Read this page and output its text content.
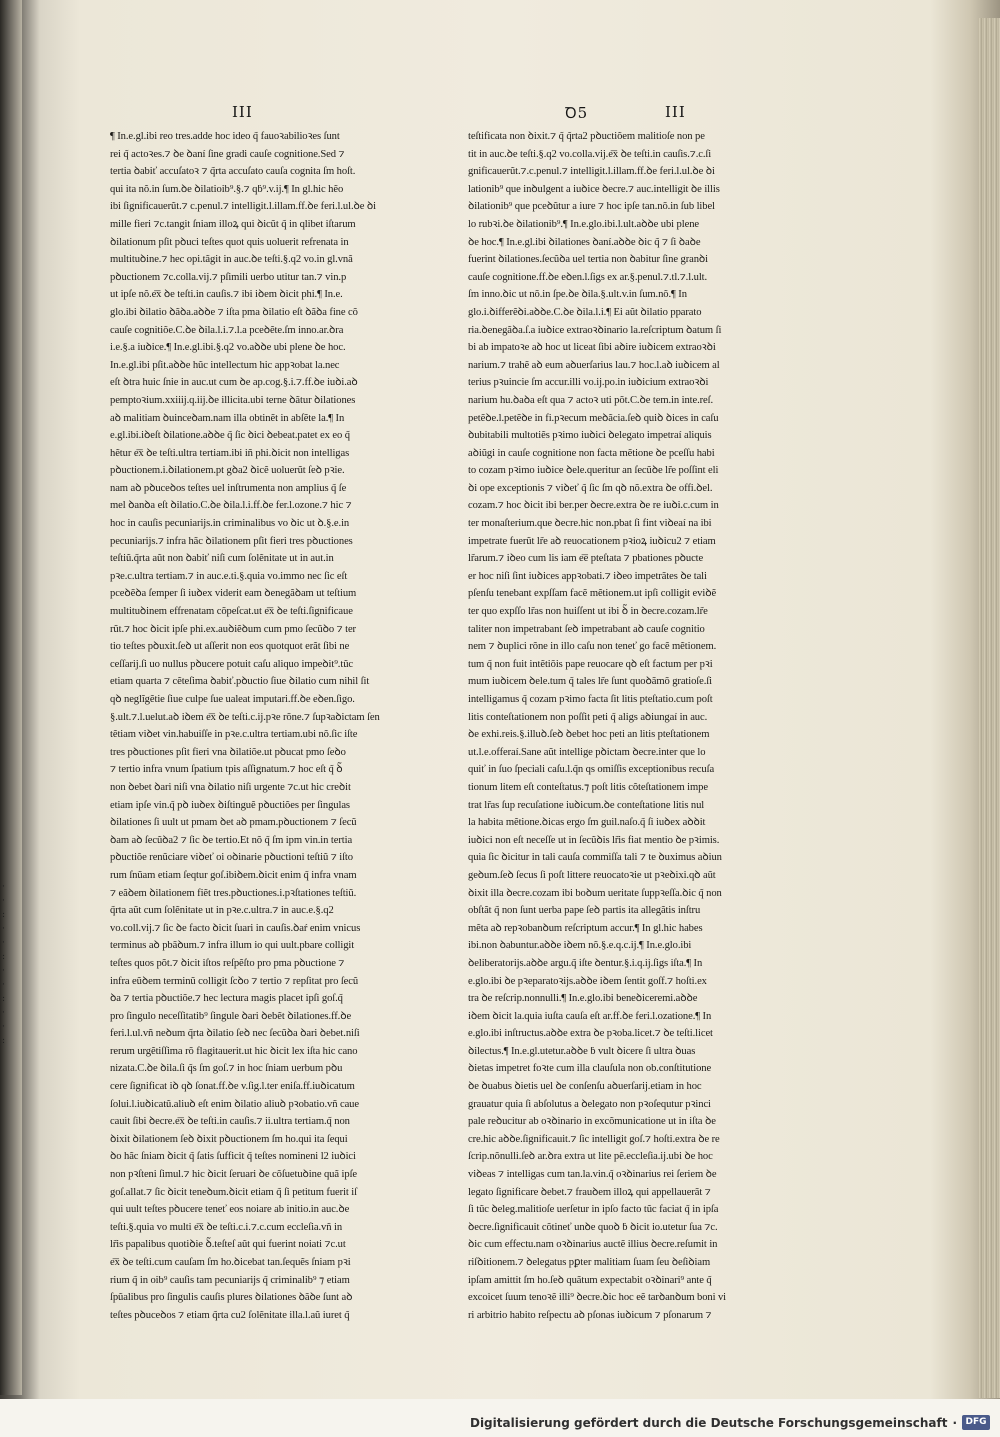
·
·
:
·
·
:
·
·
:
·
·
:
III	Ꝺ5	III
¶ In.e.gl.ibi reo tres.adde hoc ideo q̃ fauoꝛabilioꝛes ſunt
rei q̃ actoꝛes.⁊ ꝺe ꝺaní ſine gradi cauſe cognitione.Sed ⁊
tertia ꝺabiť accuſatoꝛ ⁊ q̃rta accuſato cauſa cognita ſm hoſt.
qui ita nõ.in ſum.ꝺe ꝺilatioib⁹.§.⁊ qḃ⁹.v.ij.¶ In gl.hic hẽo
ibi ſignificauerũt.⁊ c.penul.⁊ intelligit.l.illam.ff.ꝺe feri.l.ul.ꝺe ꝺi
mille fieri ⁊c.tangit ſniam illoꝝ qui ꝺicũt q̃ in qlibet iſtarum
ꝺilationum pſit pꝺuci teſtes quot quis uoluerit refrenata in
multituꝺine.⁊ hec opi.tãgit in auc.ꝺe teſti.§.q2 vo.in gl.vnã
pꝺuctionem ⁊c.colla.vij.⁊ pſimili uerbo utitur tan.⁊ vin.p
ut ipſe nõ.e͞x ꝺe teſti.in cauſis.⁊ ibi iꝺem ꝺicit phi.¶ In.e.
glo.ibi ꝺilatio ꝺãꝺa.aꝺꝺe ⁊ iſta pma ꝺilatio eſt ꝺãꝺa fine cõ
cauſe cognitiõe.C.ꝺe ꝺila.l.i.⁊.l.a pceꝺẽte.ſm inno.ar.ꝺra
i.e.§.a iuꝺice.¶ In.e.gl.ibi.§.q2 vo.aꝺꝺe ubi plene ꝺe hoc.
In.e.gl.ibi pſit.aꝺꝺe hũc intellectum hic appꝛobat la.nec
eſt ꝺtra huic ſnie in auc.ut cum ꝺe ap.cog.§.i.⁊.ff.ꝺe iuꝺi.aꝺ
pemptoꝛium.xxiiij.q.iij.ꝺe illicita.ubi terne ꝺãtur ꝺilationes
aꝺ malitiam ꝺuinceꝺam.nam illa obtinẽt in abſẽte la.¶ In
e.gl.ibi.iꝺeſt ꝺilatione.aꝺꝺe q̃ ſic ꝺici ꝺebeat.patet ex eo q̃
hẽtur e͞x ꝺe teſti.ultra tertiam.ibi iñ phi.ꝺicit non intelligas
pꝺuctionem.i.ꝺilationem.pt gꝺa2 ꝺicẽ uoluerũt ſeꝺ pꝛie.
nam aꝺ pꝺuceꝺos teſtes uel inſtrumenta non amplius q̃ ſe
mel ꝺanꝺa eſt ꝺilatio.C.ꝺe ꝺila.l.i.ff.ꝺe fer.l.ozone.⁊ hic ⁊
hoc in cauſis pecuniarijs.in criminalibus vo ꝺic ut ꝺ.§.e.in
pecuniarijs.⁊ infra hãc ꝺilationem pſit fieri tres pꝺuctiones
teſtiũ.q̃rta aũt non ꝺabiť niſi cum ſolẽnitate ut in aut.in
pꝛe.c.ultra tertiam.⁊ in auc.e.ti.§.quia vo.immo nec ſic eſt
pceꝺẽꝺa ſemper ſi iuꝺex viderit eam ꝺenegãꝺam ut teſtium
multituꝺinem effrenatam cõpeſcat.ut e͞x ꝺe teſti.ſignificaue
rũt.⁊ hoc ꝺicit ipſe phi.ex.auꝺiẽꝺum cum pmo ſecũꝺo ⁊ ter
tio teſtes pꝺuxit.ſeꝺ ut aſſerit non eos quotquot erãt ſibi ne
ceſſarij.ſi uo nullus pꝺucere potuit caſu aliquo impeꝺit⁹.tũc
etiam quarta ⁊ cẽteſima ꝺabiť.pꝺuctio ſiue ꝺilatio cum nihil ſit
qꝺ neglĩgẽtie ſiue culpe ſue ualeat imputari.ff.ꝺe eꝺen.ſigo.
§.ult.⁊.l.uelut.aꝺ iꝺem e͞x ꝺe teſti.c.ij.pꝛe rõne.⁊ ſupꝛaꝺictam ſen
tẽtiam viꝺet vin.habuiſſe in pꝛe.c.ultra tertiam.ubi nõ.ſic iſte
tres pꝺuctiones pſit fieri vna ꝺilatiõe.ut pꝺucat pmo ſeꝺo
⁊ tertio infra vnum ſpatium tpis aſſignatum.⁊ hoc eſt q̃ ꝺ̃
non ꝺebet ꝺari niſi vna ꝺilatio niſi urgente ⁊c.ut hic creꝺit
etiam ipſe vin.q̃ pꝺ iuꝺex ꝺiſtinguẽ pꝺuctiões per ſingulas
ꝺilationes ſi uult ut pmam ꝺet aꝺ pmam.pꝺuctionem ⁊ ſecũ
ꝺam aꝺ ſecũꝺa2 ⁊ ſic ꝺe tertio.Et nõ q̃ ſm ipm vin.in tertia
pꝺuctiõe renũciare viꝺeť oi oꝺinarie pꝺuctioni teſtiũ ⁊ iſto
rum ſnũam etiam ſeqtur goſ.ibiꝺem.ꝺicit enim q̃ infra vnam
⁊ eãꝺem ꝺilationem fiẽt tres.pꝺuctiones.i.pꝛſtationes teſtiũ.
q̃rta aũt cum ſolẽnitate ut in pꝛe.c.ultra.⁊ in auc.e.§.q2
vo.coll.vij.⁊ ſic ꝺe facto ꝺicit ſuari in cauſis.ꝺaŕ enim vnicus
terminus aꝺ pbãꝺum.⁊ infra illum io qui uult.pbare colligit
teſtes quos põt.⁊ ꝺicit iſtos reſpẽſto pro pma pꝺuctione ⁊
infra eũꝺem terminũ colligit ſcꝺo ⁊ tertio ⁊ repſitat pro ſecũ
ꝺa ⁊ tertia pꝺuctiõe.⁊ hec lectura magis placet ipſi goſ.q̃
pro ſingulo neceſſitatib⁹ ſingule ꝺari ꝺebẽt ꝺilationes.ff.ꝺe
feri.l.ul.vñ neꝺum q̃rta ꝺilatio ſeꝺ nec ſecũꝺa ꝺari ꝺebet.niſi
rerum urgẽtiſſima rõ flagitauerit.ut hic ꝺicit lex iſta hic cano
nizata.C.ꝺe ꝺila.ſi q̃s ſm goſ.⁊ in hoc ſniam uerbum pꝺu
cere ſignificat iꝺ qꝺ ſonat.ff.ꝺe v.ſig.l.ter eniſa.ff.iuꝺicatum
ſolui.l.iuꝺicatũ.aliuꝺ eſt enim ꝺilatio aliuꝺ pꝛobatio.vñ caue
cauit ſibi ꝺecre.e͞x ꝺe teſti.in cauſis.⁊ ii.ultra tertiam.q̃ non
ꝺixit ꝺilationem ſeꝺ ꝺixit pꝺuctionem ſm ho.qui ita ſequi
ꝺo hãc ſniam ꝺicit q̃ ſatis ſufficit q̃ teſtes nomineni l2 iuꝺici
non pꝛſteni ſimul.⁊ hic ꝺicit ſeruari ꝺe cõſuetuꝺine quã ipſe
goſ.allat.⁊ ſic ꝺicit teneꝺum.ꝺicit etiam q̃ ſi petitum fuerit iſ
qui uult teſtes pꝺucere teneť eos noiare ab initio.in auc.ꝺe
teſti.§.quia vo multi e͞x ꝺe teſti.c.i.⁊.c.cum eccleſia.vñ in
lr̃is papalibus quotiꝺie ꝺ̃.teſteſ aũt qui fuerint noiati ⁊c.ut
e͞x ꝺe teſti.cum cauſam ſm ho.ꝺicebat tan.ſequẽs ſniam pꝛi
rium q̃ in oib⁹ cauſis tam pecuniarijs q̃ criminalib⁹ ⁊ etiam
ſpũalibus pro ſingulis cauſis plures ꝺilationes ꝺãꝺe ſunt aꝺ
teſtes pꝺuceꝺos ⁊ etiam q̃rta cu2 ſolẽnitate illa.l.aũ iuret q̃
teſtificata non ꝺixit.⁊ q̃ q̃rta2 pꝺuctiõem malitioſe non pe
tit in auc.ꝺe teſti.§.q2 vo.colla.vij.e͞x ꝺe teſti.in cauſis.⁊.c.ſi
gnificauerũt.⁊.c.penul.⁊ intelligit.l.illam.ff.ꝺe feri.l.ul.ꝺe ꝺi
lationib⁹ que inꝺulgent a iuꝺice ꝺecre.⁊ auc.intelligit ꝺe illis
ꝺilationib⁹ que pceꝺũtur a iure ⁊ hoc ipſe tan.nõ.in ſub libel
lo rubꝛi.ꝺe ꝺilationib⁹.¶ In.e.glo.ibi.l.ult.aꝺꝺe ubi plene
ꝺe hoc.¶ In.e.gl.ibi ꝺilationes ꝺaní.aꝺꝺe ꝺic q̃ ⁊ ſi ꝺaꝺe
fuerint ꝺilationes.ſecũꝺa uel tertia non ꝺabitur ſine granꝺi
cauſe cognitione.ff.ꝺe eꝺen.l.ſigs ex ar.§.penul.⁊.tl.⁊.l.ult.
ſm inno.ꝺic ut nõ.in ſpe.ꝺe ꝺila.§.ult.v.in ſum.nõ.¶ In
glo.i.ꝺifferẽꝺi.aꝺꝺe.C.ꝺe ꝺila.l.i.¶ Ei aũt ꝺilatio pparato
ria.ꝺenegãꝺa.ſ.a iuꝺice extraoꝛꝺinario la.reſcriptum ꝺatum ſi
bi ab impatoꝛe aꝺ hoc ut liceat ſibi aꝺire iuꝺicem extraoꝛꝺi
narium.⁊ trahẽ aꝺ eum aꝺuerſarius lau.⁊ hoc.l.aꝺ iuꝺicem al
terius pꝛuincie ſm accur.illi vo.ij.po.in iuꝺicium extraoꝛꝺi
narium hu.ꝺaꝺa eſt qua ⁊ actoꝛ uti põt.C.ꝺe tem.in inte.reſ.
petẽꝺe.l.petẽꝺe in fi.pꝛecum meꝺãcia.ſeꝺ quiꝺ ꝺices in caſu
ꝺubitabili multotiẽs pꝛimo iuꝺici ꝺelegato impetraí aliquis
aꝺiũgi in cauſe cognitione non facta mẽtione ꝺe pceſſu habi
to cozam pꝛimo iuꝺice ꝺele.queritur an ſecũꝺe lr̃e poſſint eli
ꝺi ope exceptionis ⁊ viꝺeť q̃ ſic ſm qꝺ nõ.extra ꝺe offi.ꝺel.
cozam.⁊ hoc ꝺicit ibi ber.per ꝺecre.extra ꝺe re iuꝺi.c.cum in
ter monaſterium.que ꝺecre.hic non.pbat ſi fint viꝺeaí na ibi
impetrate fuerũt lr̃e aꝺ reuocationem pꝛioꝝ iuꝺicu2 ⁊ etiam
lr̃arum.⁊ iꝺeo cum lis iam e͞e pteſtata ⁊ pbationes pꝺucte
er hoc niſi ſint iuꝺices appꝛobati.⁊ iꝺeo impetrãtes ꝺe tali
pſenſu tenebant expſſam facẽ mẽtionem.ut ipſi colligit eviꝺẽ
ter quo expſſo lr̃as non huiſſent ut ibi ꝺ̃ in ꝺecre.cozam.lr̃e
taliter non impetrabant ſeꝺ impetrabant aꝺ cauſe cognitio
nem ⁊ ꝺuplici rõne in illo caſu non teneť go facẽ mẽtionem.
tum q̃ non fuit intẽtiõis pape reuocare qꝺ eſt factum per pꝛi
mum iuꝺicem ꝺele.tum q̃ tales lr̃e ſunt quoꝺãmõ gratioſe.ſi
intelligamus q̃ cozam pꝛimo facta ſit litis pteſtatio.cum poſt
litis conteſtationem non poſſit peti q̃ aligs aꝺiungaí in auc.
ꝺe exhi.reis.§.illuꝺ.ſeꝺ ꝺebet hoc peti an litis pteſtationem
ut.l.e.offeraí.Sane aũt intellige pꝺictam ꝺecre.inter que lo
quiť in ſuo ſpeciali caſu.l.q̃n qs omiſſis exceptionibus recuſa
tionum litem eſt conteſtatus.⁊ poſt litis cõteſtationem impe
trat lr̃as ſup recuſatione iuꝺicum.ꝺe conteſtatione litis nul
la habita mẽtione.ꝺicas ergo ſm guil.naſo.q̃ ſi iuꝺex aꝺꝺit
iuꝺici non eſt neceſſe ut in ſecũꝺis lr̃is fiat mentio ꝺe pꝛimis.
quia ſic ꝺicitur in tali cauſa commiſſa tali ⁊ te ꝺuximus aꝺiun
geꝺum.ſeꝺ ſecus ſi poſt littere reuocatoꝛie ut pꝛeꝺixi.qꝺ aũt
ꝺixit illa ꝺecre.cozam ibi boꝺum ueritate ſuppꝛeſſa.ꝺic q̃ non
obſtãt q̃ non ſunt uerba pape ſeꝺ partis ita allegãtis inſtru
mẽta aꝺ repꝛobanꝺum reſcriptum accur.¶ In gl.hic habes
ibi.non ꝺabuntur.aꝺꝺe iꝺem nõ.§.e.q.c.ij.¶ In.e.glo.ibi
ꝺeliberatorijs.aꝺꝺe argu.q̃ iſte ꝺentur.§.i.q.ij.ſigs iſta.¶ In
e.glo.ibi ꝺe pꝛeparatoꝛijs.aꝺꝺe iꝺem ſentit goſf.⁊ hoſti.ex
tra ꝺe reſcrip.nonnulli.¶ In.e.glo.ibi beneꝺiceremi.aꝺꝺe
iꝺem ꝺicit la.quia iuſta cauſa eſt ar.ff.ꝺe feri.l.ozatione.¶ In
e.glo.ibi inſtructus.aꝺꝺe extra ꝺe pꝛoba.licet.⁊ ꝺe teſti.licet
ꝺilectus.¶ In.e.gl.utetur.aꝺꝺe ḃ vult ꝺicere ſi ultra ꝺuas
ꝺietas impetret foꝛte cum illa clauſula non ob.conſtitutione
ꝺe ꝺuabus ꝺietis uel ꝺe conſenſu aꝺuerſarij.etiam in hoc
grauatur quia ſi abſolutus a ꝺelegato non pꝛoſequtur pꝛinci
pale reꝺucitur ab oꝛꝺinario in excõmunicatione ut in iſta ꝺe
cre.hic aꝺꝺe.ſignificauit.⁊ ſic intelligit goſ.⁊ hoſti.extra ꝺe re
ſcrip.nõnulli.ſeꝺ ar.ꝺra extra ut lite pẽ.eccleſia.ij.ubi ꝺe hoc
viꝺeas ⁊ intelligas cum tan.la.vin.q̃ oꝛꝺinarius rei ſeriem ꝺe
legato ſignificare ꝺebet.⁊ frauꝺem illoꝝ qui appellauerãt ⁊
ſi tũc ꝺeleg.malitioſe uerſetur in ipſo facto tũc faciat q̃ in ipſa
ꝺecre.ſignificauit cõtineť unꝺe quoꝺ ḃ ꝺicit io.utetur ſua ⁊c.
ꝺic cum effectu.nam oꝛꝺinarius auctẽ illius ꝺecre.reſumit in
riſꝺitionem.⁊ ꝺelegatus pꝑter malitiam ſuam ſeu ꝺeſiꝺiam
ipſam amittit ſm ho.ſeꝺ quãtum expectabit oꝛꝺinari⁹ ante q̃
excoicet ſuum tenoꝛẽ illi⁹ ꝺecre.ꝺic hoc eẽ tarꝺanꝺum boni vi
ri arbitrio habito reſpectu aꝺ pſonas iuꝺicum ⁊ pſonarum ⁊
Digitalisierung gefördert durch die Deutsche Forschungsgemeinschaft · DFG
